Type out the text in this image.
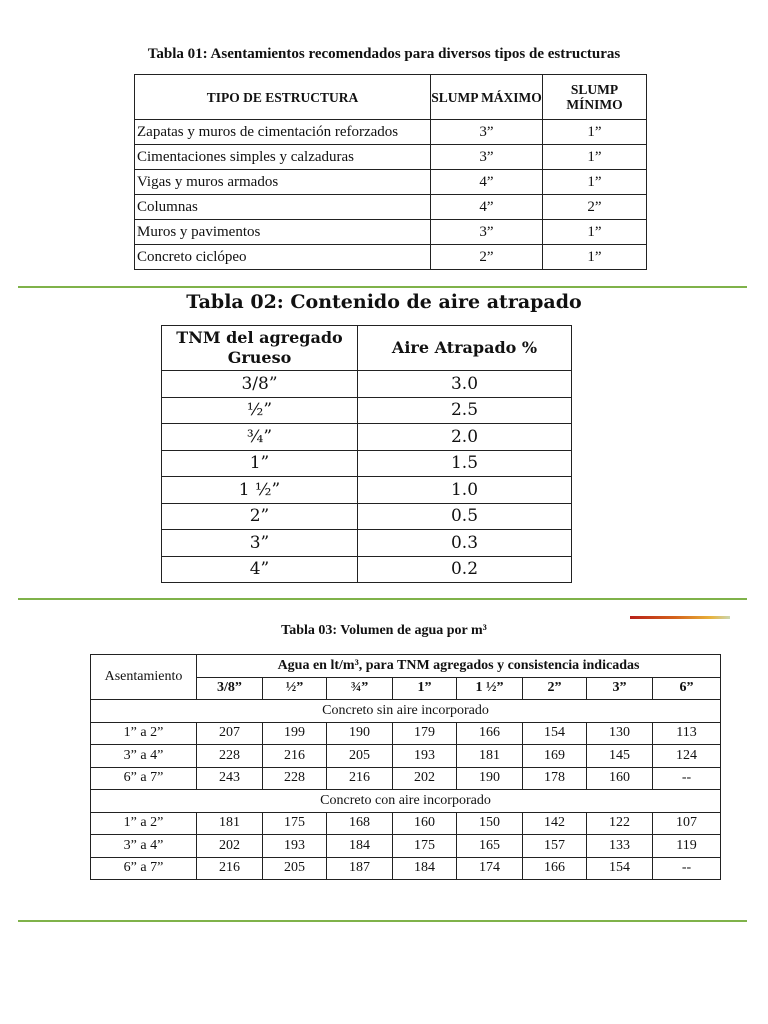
Tabla 01: Asentamientos recomendados para diversos tipos de estructuras
TIPO DE ESTRUCTURA	SLUMP MÁXIMO	SLUMP MÍNIMO
Zapatas y muros de cimentación reforzados	3”	1”
Cimentaciones simples y calzaduras	3”	1”
Vigas y muros armados	4”	1”
Columnas	4”	2”
Muros y pavimentos	3”	1”
Concreto ciclópeo	2”	1”
Tabla 02: Contenido de aire atrapado
TNM del agregado Grueso	Aire Atrapado %
3/8”	3.0
½”	2.5
¾”	2.0
1”	1.5
1 ½”	1.0
2”	0.5
3”	0.3
4”	0.2
Tabla 03: Volumen de agua por m³
Asentamiento	Agua en lt/m³, para TNM agregados y consistencia indicadas							
	3/8”	½”	¾”	1”	1 ½”	2”	3”	6”
Concreto sin aire incorporado								
1” a 2”	207	199	190	179	166	154	130	113
3” a 4”	228	216	205	193	181	169	145	124
6” a 7”	243	228	216	202	190	178	160	--
Concreto con aire incorporado								
1” a 2”	181	175	168	160	150	142	122	107
3” a 4”	202	193	184	175	165	157	133	119
6” a 7”	216	205	187	184	174	166	154	--
